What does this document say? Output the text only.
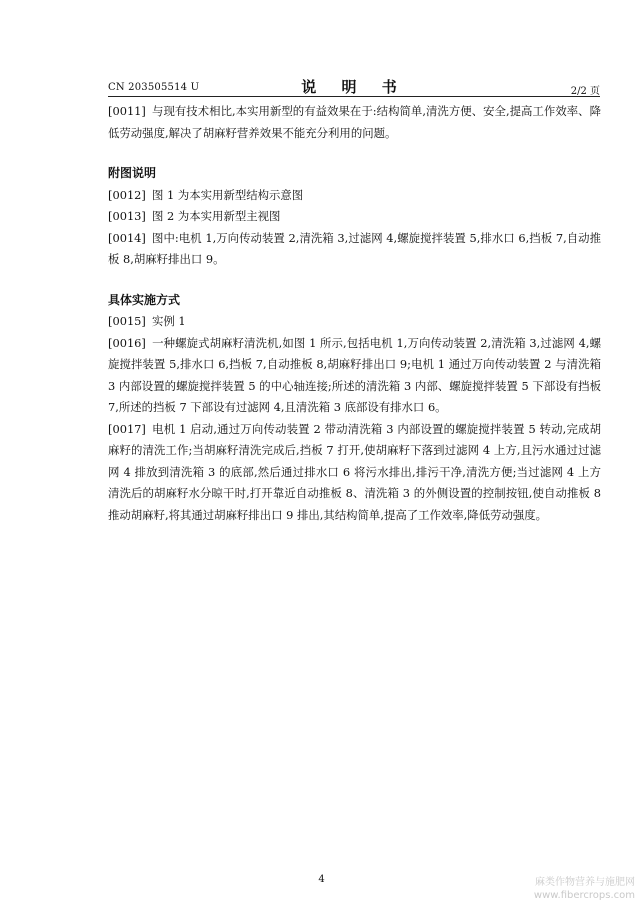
CN 203505514 U	说 明 书	2/2 页

[0011] 与现有技术相比,本实用新型的有益效果在于:结构简单,清洗方便、安全,提高工作效率、降低劳动强度,解决了胡麻籽营养效果不能充分利用的问题。

附图说明

[0012] 图 1 为本实用新型结构示意图

[0013] 图 2 为本实用新型主视图

[0014] 图中:电机 1,万向传动装置 2,清洗箱 3,过滤网 4,螺旋搅拌装置 5,排水口 6,挡板 7,自动推板 8,胡麻籽排出口 9。

具体实施方式

[0015] 实例 1

[0016] 一种螺旋式胡麻籽清洗机,如图 1 所示,包括电机 1,万向传动装置 2,清洗箱 3,过滤网 4,螺旋搅拌装置 5,排水口 6,挡板 7,自动推板 8,胡麻籽排出口 9;电机 1 通过万向传动装置 2 与清洗箱 3 内部设置的螺旋搅拌装置 5 的中心轴连接;所述的清洗箱 3 内部、螺旋搅拌装置 5 下部设有挡板 7,所述的挡板 7 下部设有过滤网 4,且清洗箱 3 底部设有排水口 6。

[0017] 电机 1 启动,通过万向传动装置 2 带动清洗箱 3 内部设置的螺旋搅拌装置 5 转动,完成胡麻籽的清洗工作;当胡麻籽清洗完成后,挡板 7 打开,使胡麻籽下落到过滤网 4 上方,且污水通过过滤网 4 排放到清洗箱 3 的底部,然后通过排水口 6 将污水排出,排污干净,清洗方便;当过滤网 4 上方清洗后的胡麻籽水分晾干时,打开靠近自动推板 8、清洗箱 3 的外侧设置的控制按钮,使自动推板 8 推动胡麻籽,将其通过胡麻籽排出口 9 排出,其结构简单,提高了工作效率,降低劳动强度。

4	麻类作物营养与施肥网
www.fibercrops.com
